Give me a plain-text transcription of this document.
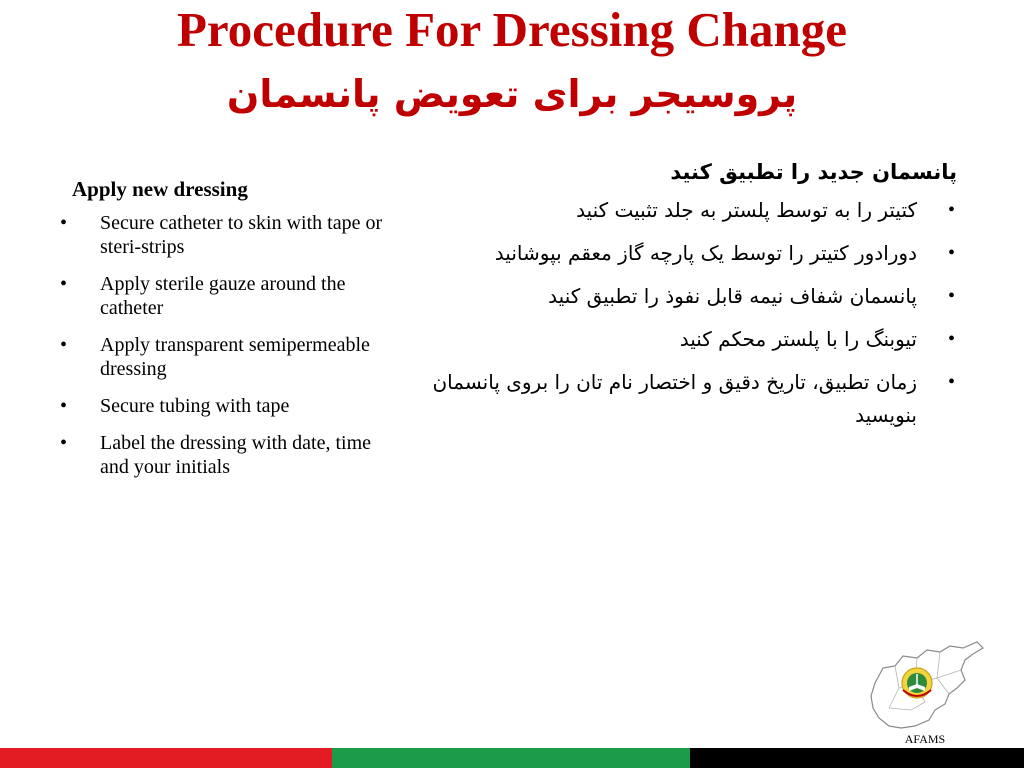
Procedure For Dressing Change
پروسیجر برای تعویض پانسمان
Apply new dressing
•	Secure catheter to skin with tape or steri-strips
•	Apply sterile gauze around the catheter
•	Apply transparent semipermeable dressing
•	Secure tubing with tape
•	Label the dressing with date, time and your initials
پانسمان جدید را تطبیق کنید
•
کتیتر را به توسط پلستر به جلد تثبیت کنید
•
دورادور کتیتر را توسط یک پارچه گاز معقم بپوشانید
•
پانسمان شفاف نیمه قابل نفوذ را تطبیق کنید
•
تیوبنگ را با پلستر محکم کنید
•
زمان تطبیق، تاریخ دقیق و اختصار نام تان را بروی پانسمان بنویسید
AFAMS
